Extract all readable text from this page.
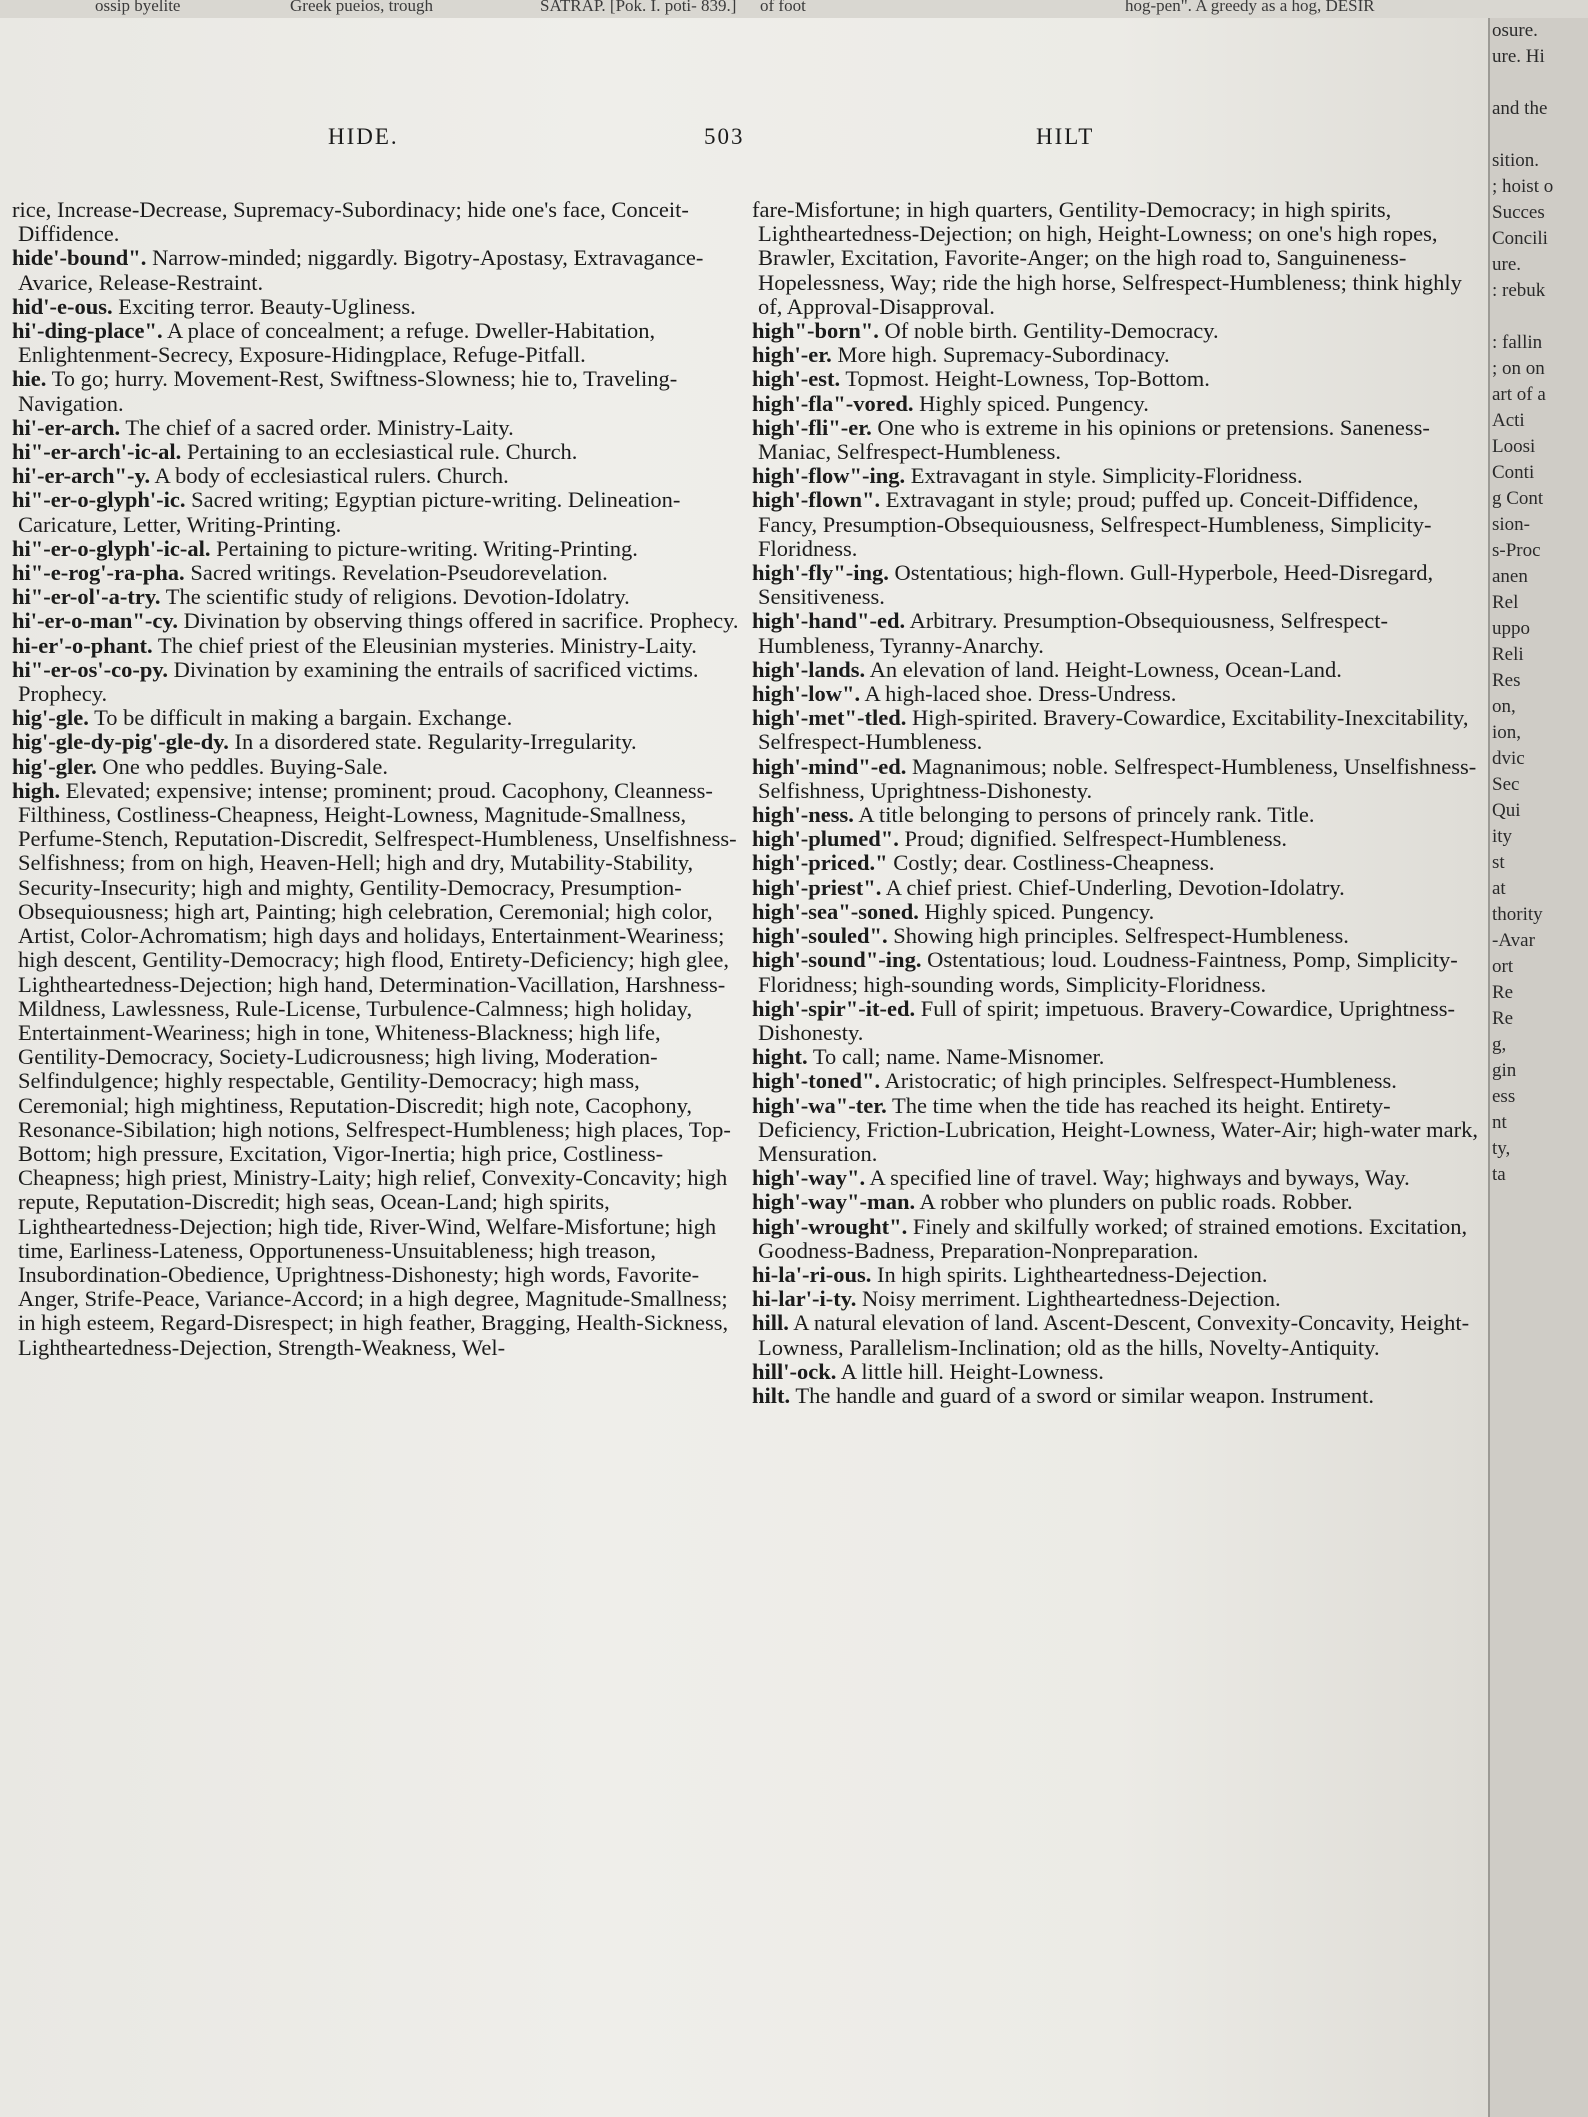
ossip byelite	Greek pueios, trough	SATRAP. [Pok. I. poti- 839.] of foot	hog-pen". A greedy as a hog, DESIR
HIDE.	503	HILT

rice, Increase-Decrease, Supremacy-Subordinacy; hide one's face, Conceit-Diffidence.

hide'-bound". Narrow-minded; niggardly. Bigotry-Apostasy, Extravagance-Avarice, Release-Restraint.

hid'-e-ous. Exciting terror. Beauty-Ugliness.

hi'-ding-place". A place of concealment; a refuge. Dweller-Habitation, Enlightenment-Secrecy, Exposure-Hidingplace, Refuge-Pitfall.

hie. To go; hurry. Movement-Rest, Swiftness-Slowness; hie to, Traveling-Navigation.

hi'-er-arch. The chief of a sacred order. Ministry-Laity.

hi"-er-arch'-ic-al. Pertaining to an ecclesiastical rule. Church.

hi'-er-arch"-y. A body of ecclesiastical rulers. Church.

hi"-er-o-glyph'-ic. Sacred writing; Egyptian picture-writing. Delineation-Caricature, Letter, Writing-Printing.

hi"-er-o-glyph'-ic-al. Pertaining to picture-writing. Writing-Printing.

hi"-e-rog'-ra-pha. Sacred writings. Revelation-Pseudorevelation.

hi"-er-ol'-a-try. The scientific study of religions. Devotion-Idolatry.

hi'-er-o-man"-cy. Divination by observing things offered in sacrifice. Prophecy.

hi-er'-o-phant. The chief priest of the Eleusinian mysteries. Ministry-Laity.

hi"-er-os'-co-py. Divination by examining the entrails of sacrificed victims. Prophecy.

hig'-gle. To be difficult in making a bargain. Exchange.

hig'-gle-dy-pig'-gle-dy. In a disordered state. Regularity-Irregularity.

hig'-gler. One who peddles. Buying-Sale.

high. Elevated; expensive; intense; prominent; proud. Cacophony, Cleanness-Filthiness, Costliness-Cheapness, Height-Lowness, Magnitude-Smallness, Perfume-Stench, Reputation-Discredit, Selfrespect-Humbleness, Unselfishness-Selfishness; from on high, Heaven-Hell; high and dry, Mutability-Stability, Security-Insecurity; high and mighty, Gentility-Democracy, Presumption-Obsequiousness; high art, Painting; high celebration, Ceremonial; high color, Artist, Color-Achromatism; high days and holidays, Entertainment-Weariness; high descent, Gentility-Democracy; high flood, Entirety-Deficiency; high glee, Lightheartedness-Dejection; high hand, Determination-Vacillation, Harshness-Mildness, Lawlessness, Rule-License, Turbulence-Calmness; high holiday, Entertainment-Weariness; high in tone, Whiteness-Blackness; high life, Gentility-Democracy, Society-Ludicrousness; high living, Moderation-Selfindulgence; highly respectable, Gentility-Democracy; high mass, Ceremonial; high mightiness, Reputation-Discredit; high note, Cacophony, Resonance-Sibilation; high notions, Selfrespect-Humbleness; high places, Top-Bottom; high pressure, Excitation, Vigor-Inertia; high price, Costliness-Cheapness; high priest, Ministry-Laity; high relief, Convexity-Concavity; high repute, Reputation-Discredit; high seas, Ocean-Land; high spirits, Lightheartedness-Dejection; high tide, River-Wind, Welfare-Misfortune; high time, Earliness-Lateness, Opportuneness-Unsuitableness; high treason, Insubordination-Obedience, Uprightness-Dishonesty; high words, Favorite-Anger, Strife-Peace, Variance-Accord; in a high degree, Magnitude-Smallness; in high esteem, Regard-Disrespect; in high feather, Bragging, Health-Sickness, Lightheartedness-Dejection, Strength-Weakness, Wel-

fare-Misfortune; in high quarters, Gentility-Democracy; in high spirits, Lightheartedness-Dejection; on high, Height-Lowness; on one's high ropes, Brawler, Excitation, Favorite-Anger; on the high road to, Sanguineness-Hopelessness, Way; ride the high horse, Selfrespect-Humbleness; think highly of, Approval-Disapproval.

high"-born". Of noble birth. Gentility-Democracy.

high'-er. More high. Supremacy-Subordinacy.

high'-est. Topmost. Height-Lowness, Top-Bottom.

high'-fla"-vored. Highly spiced. Pungency.

high'-fli"-er. One who is extreme in his opinions or pretensions. Saneness-Maniac, Selfrespect-Humbleness.

high'-flow"-ing. Extravagant in style. Simplicity-Floridness.

high'-flown". Extravagant in style; proud; puffed up. Conceit-Diffidence, Fancy, Presumption-Obsequiousness, Selfrespect-Humbleness, Simplicity-Floridness.

high'-fly"-ing. Ostentatious; high-flown. Gull-Hyperbole, Heed-Disregard, Sensitiveness.

high'-hand"-ed. Arbitrary. Presumption-Obsequiousness, Selfrespect-Humbleness, Tyranny-Anarchy.

high'-lands. An elevation of land. Height-Lowness, Ocean-Land.

high'-low". A high-laced shoe. Dress-Undress.

high'-met"-tled. High-spirited. Bravery-Cowardice, Excitability-Inexcitability, Selfrespect-Humbleness.

high'-mind"-ed. Magnanimous; noble. Selfrespect-Humbleness, Unselfishness-Selfishness, Uprightness-Dishonesty.

high'-ness. A title belonging to persons of princely rank. Title.

high'-plumed". Proud; dignified. Selfrespect-Humbleness.

high'-priced." Costly; dear. Costliness-Cheapness.

high'-priest". A chief priest. Chief-Underling, Devotion-Idolatry.

high'-sea"-soned. Highly spiced. Pungency.

high'-souled". Showing high principles. Selfrespect-Humbleness.

high'-sound"-ing. Ostentatious; loud. Loudness-Faintness, Pomp, Simplicity-Floridness; high-sounding words, Simplicity-Floridness.

high'-spir"-it-ed. Full of spirit; impetuous. Bravery-Cowardice, Uprightness-Dishonesty.

hight. To call; name. Name-Misnomer.

high'-toned". Aristocratic; of high principles. Selfrespect-Humbleness.

high'-wa"-ter. The time when the tide has reached its height. Entirety-Deficiency, Friction-Lubrication, Height-Lowness, Water-Air; high-water mark, Mensuration.

high'-way". A specified line of travel. Way; highways and byways, Way.

high'-way"-man. A robber who plunders on public roads. Robber.

high'-wrought". Finely and skilfully worked; of strained emotions. Excitation, Goodness-Badness, Preparation-Nonpreparation.

hi-la'-ri-ous. In high spirits. Lightheartedness-Dejection.

hi-lar'-i-ty. Noisy merriment. Lightheartedness-Dejection.

hill. A natural elevation of land. Ascent-Descent, Convexity-Concavity, Height-Lowness, Parallelism-Inclination; old as the hills, Novelty-Antiquity.

hill'-ock. A little hill. Height-Lowness.

hilt. The handle and guard of a sword or similar weapon. Instrument.

osure.
ure. Hi

and the

sition.
; hoist o
Succes
Concili
ure.
: rebuk

: fallin
; on on
art of a
Acti
Loosi
Conti
g Cont
sion-
s-Proc
anen
Rel
uppo
Reli
Res
on,
ion,
dvic
Sec
Qui
ity
st
at
thority
-Avar
ort
Re
Re
g,
gin
ess
nt
ty,
ta
